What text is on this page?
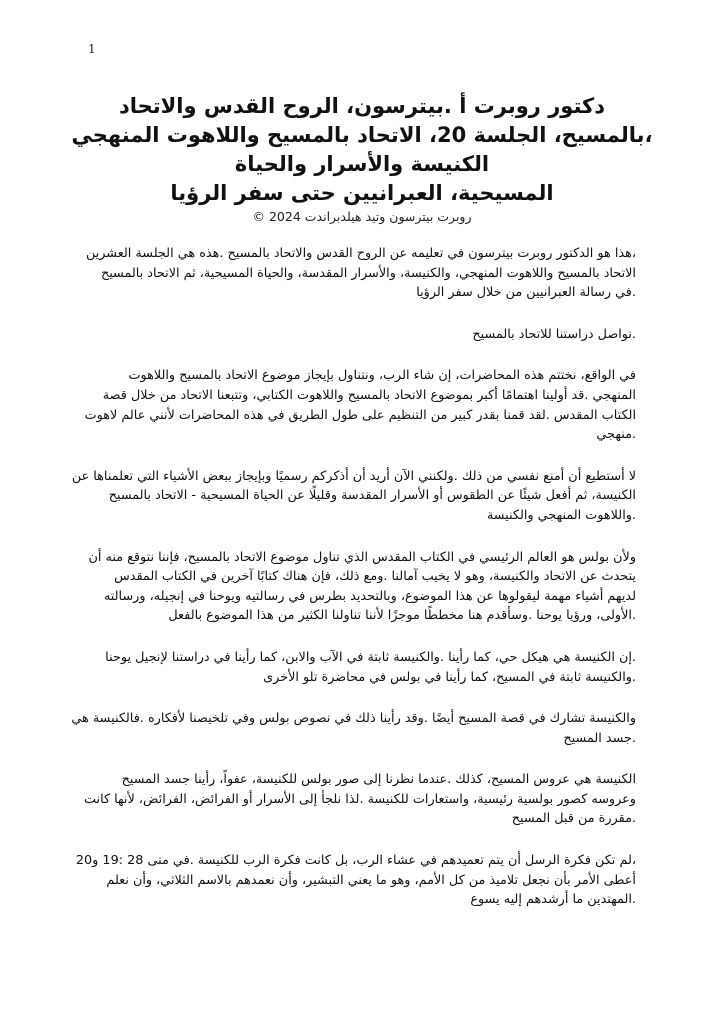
1
دكتور روبرت أ .بيترسون، الروح القدس والاتحاد
،بالمسيح، الجلسة 20، الاتحاد بالمسيح واللاهوت المنهجي
الكنيسة والأسرار والحياة
المسيحية، العبرانيين حتى سفر الرؤيا
روبرت بيترسون وتيد هيلدبراندت 2024 ©
،هذا هو الدكتور روبرت بيترسون في تعليمه عن الروح القدس والاتحاد بالمسيح .هذه هي الجلسة العشرين
الاتحاد بالمسيح واللاهوت المنهجي، والكنيسة، والأسرار المقدسة، والحياة المسيحية، ثم الاتحاد بالمسيح
.في رسالة العبرانيين من خلال سفر الرؤيا
.نواصل دراستنا للاتحاد بالمسيح
في الواقع، نختتم هذه المحاضرات، إن شاء الرب، ونتناول بإيجاز موضوع الاتحاد بالمسيح واللاهوت
المنهجي .قد أولينا اهتمامًا أكبر بموضوع الاتحاد بالمسيح واللاهوت الكتابي، وتتبعنا الاتحاد من خلال قصة
الكتاب المقدس .لقد قمنا بقدر كبير من التنظيم على طول الطريق في هذه المحاضرات لأنني عالم لاهوت
.منهجي
لا أستطيع أن أمنع نفسي من ذلك .ولكنني الآن أريد أن أذكركم رسميًا وبإيجاز ببعض الأشياء التي تعلمناها عن
الكنيسة، ثم أفعل شيئًا عن الطقوس أو الأسرار المقدسة وقليلًا عن الحياة المسيحية - الاتحاد بالمسيح
.واللاهوت المنهجي والكنيسة
ولأن بولس هو العالم الرئيسي في الكتاب المقدس الذي تناول موضوع الاتحاد بالمسيح، فإننا نتوقع منه أن
يتحدث عن الاتحاد والكنيسة، وهو لا يخيب آمالنا .ومع ذلك، فإن هناك كتابًا آخرين في الكتاب المقدس
لديهم أشياء مهمة ليقولوها عن هذا الموضوع، وبالتحديد بطرس في رسالتيه ويوحنا في إنجيله، ورسالته
.الأولى، ورؤيا يوحنا .وسأقدم هنا مخططًا موجزًا لأننا تناولنا الكثير من هذا الموضوع بالفعل
.إن الكنيسة هي هيكل حي، كما رأينا .والكنيسة ثابتة في الآب والابن، كما رأينا في دراستنا لإنجيل يوحنا
.والكنيسة ثابتة في المسيح، كما رأينا في بولس في محاضرة تلو الأخرى
والكنيسة تشارك في قصة المسيح أيضًا .وقد رأينا ذلك في نصوص بولس وفي تلخيصنا لأفكاره .فالكنيسة هي
.جسد المسيح
الكنيسة هي عروس المسيح، كذلك .عندما نظرنا إلى صور بولس للكنيسة، عفواً، رأينا جسد المسيح
وعروسه كصور بولسية رئيسية، واستعارات للكنيسة .لذا نلجأ إلى الأسرار أو الفرائض، الفرائض، لأنها كانت
.مقررة من قبل المسيح
،لم تكن فكرة الرسل أن يتم تعميدهم في عشاء الرب، بل كانت فكرة الرب للكنيسة .في متى 28 :19 و20
أعطى الأمر بأن نجعل تلاميذ من كل الأمم، وهو ما يعني التبشير، وأن نعمدهم بالاسم الثلاثي، وأن نعلم
.المهتدين ما أرشدهم إليه يسوع
